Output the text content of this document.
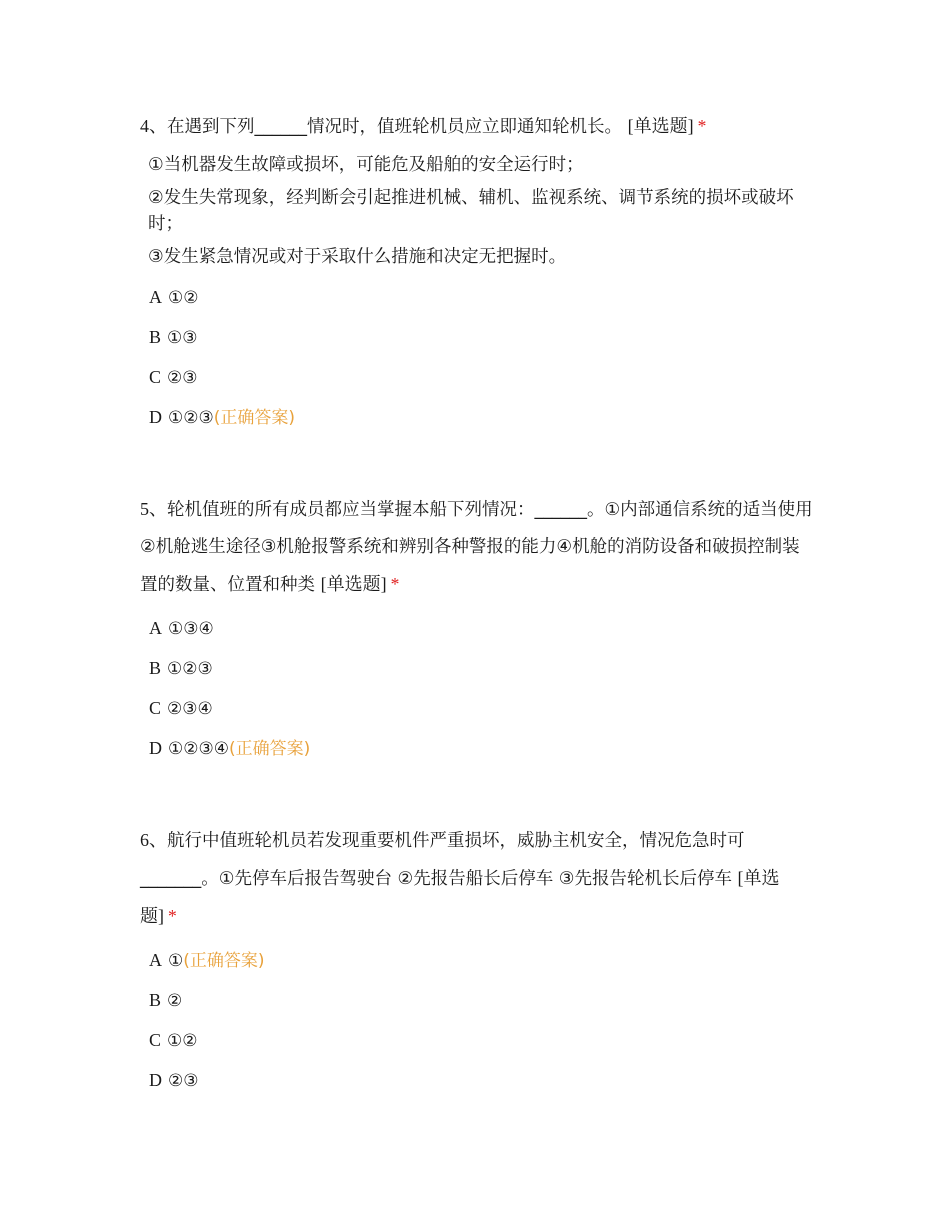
4、在遇到下列______情况时，值班轮机员应立即通知轮机长。 [单选题] *

①当机器发生故障或损坏，可能危及船舶的安全运行时；
②发生失常现象，经判断会引起推进机械、辅机、监视系统、调节系统的损坏或破坏时；
③发生紧急情况或对于采取什么措施和决定无把握时。
A ①②
B ①③
C ②③
D ①②③(正确答案)

5、轮机值班的所有成员都应当掌握本船下列情况：______。①内部通信系统的适当使用②机舱逃生途径③机舱报警系统和辨别各种警报的能力④机舱的消防设备和破损控制装置的数量、位置和种类 [单选题] *

A ①③④
B ①②③
C ②③④
D ①②③④(正确答案)

6、航行中值班轮机员若发现重要机件严重损坏，威胁主机安全，情况危急时可_______。①先停车后报告驾驶台 ②先报告船长后停车 ③先报告轮机长后停车 [单选题] *

A ①(正确答案)
B ②
C ①②
D ②③
